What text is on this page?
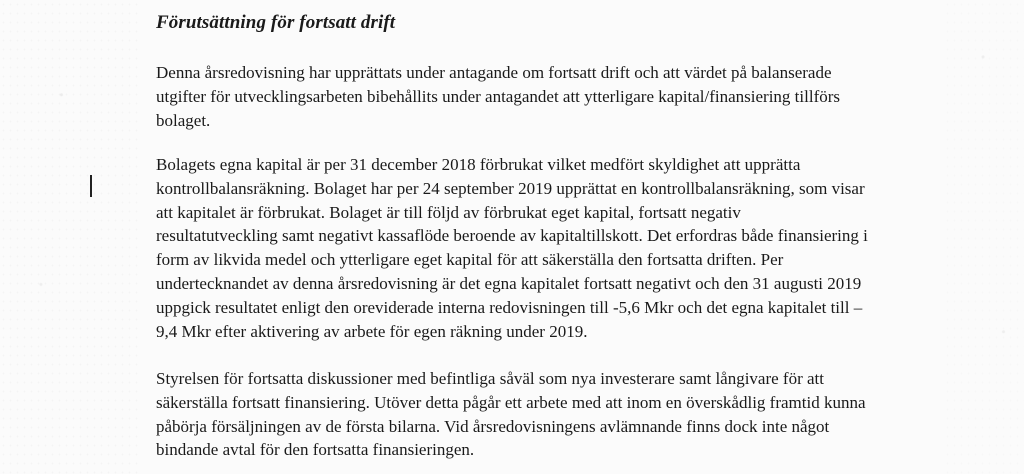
Förutsättning för fortsatt drift

Denna årsredovisning har upprättats under antagande om fortsatt drift och att värdet på balanserade
utgifter för utvecklingsarbeten bibehållits under antagandet att ytterligare kapital/finansiering tillförs
bolaget.

Bolagets egna kapital är per 31 december 2018 förbrukat vilket medfört skyldighet att upprätta
kontrollbalansräkning. Bolaget har per 24 september 2019 upprättat en kontrollbalansräkning, som visar
att kapitalet är förbrukat. Bolaget är till följd av förbrukat eget kapital, fortsatt negativ
resultatutveckling samt negativt kassaflöde beroende av kapitaltillskott. Det erfordras både finansiering i
form av likvida medel och ytterligare eget kapital för att säkerställa den fortsatta driften. Per
undertecknandet av denna årsredovisning är det egna kapitalet fortsatt negativt och den 31 augusti 2019
uppgick resultatet enligt den oreviderade interna redovisningen till -5,6 Mkr och det egna kapitalet till –
9,4 Mkr efter aktivering av arbete för egen räkning under 2019.

Styrelsen för fortsatta diskussioner med befintliga såväl som nya investerare samt långivare för att
säkerställa fortsatt finansiering. Utöver detta pågår ett arbete med att inom en överskådlig framtid kunna
påbörja försäljningen av de första bilarna. Vid årsredovisningens avlämnande finns dock inte något
bindande avtal för den fortsatta finansieringen.
